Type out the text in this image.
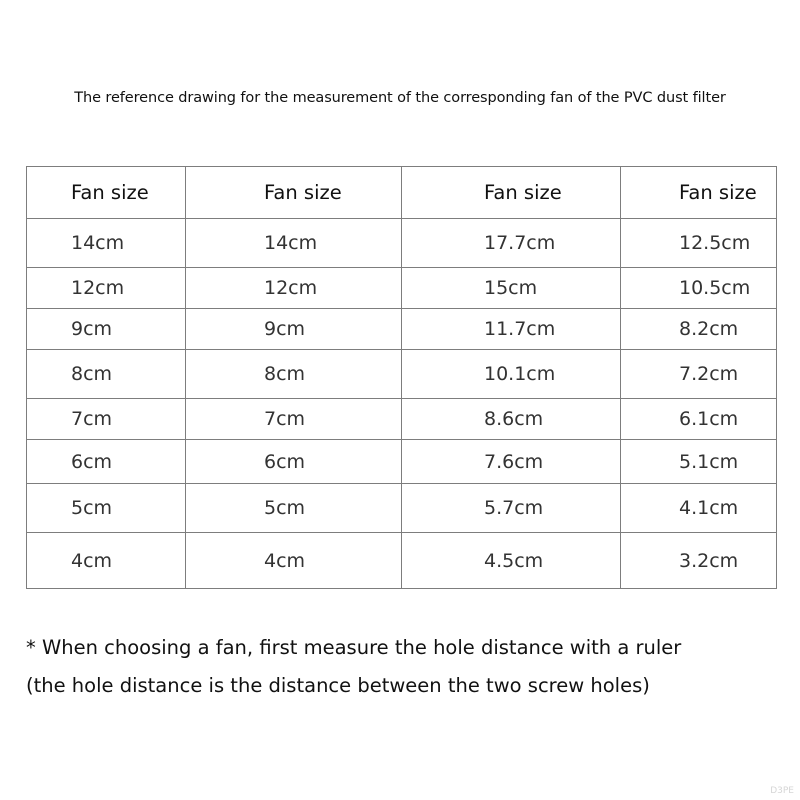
The reference drawing for the measurement of the corresponding fan of the PVC dust filter
Fan size	Fan size	Fan size	Fan size
14cm	14cm	17.7cm	12.5cm
12cm	12cm	15cm	10.5cm
9cm	9cm	11.7cm	8.2cm
8cm	8cm	10.1cm	7.2cm
7cm	7cm	8.6cm	6.1cm
6cm	6cm	7.6cm	5.1cm
5cm	5cm	5.7cm	4.1cm
4cm	4cm	4.5cm	3.2cm
* When choosing a fan, first measure the hole distance with a ruler
(the hole distance is the distance between the two screw holes)
D3PE
